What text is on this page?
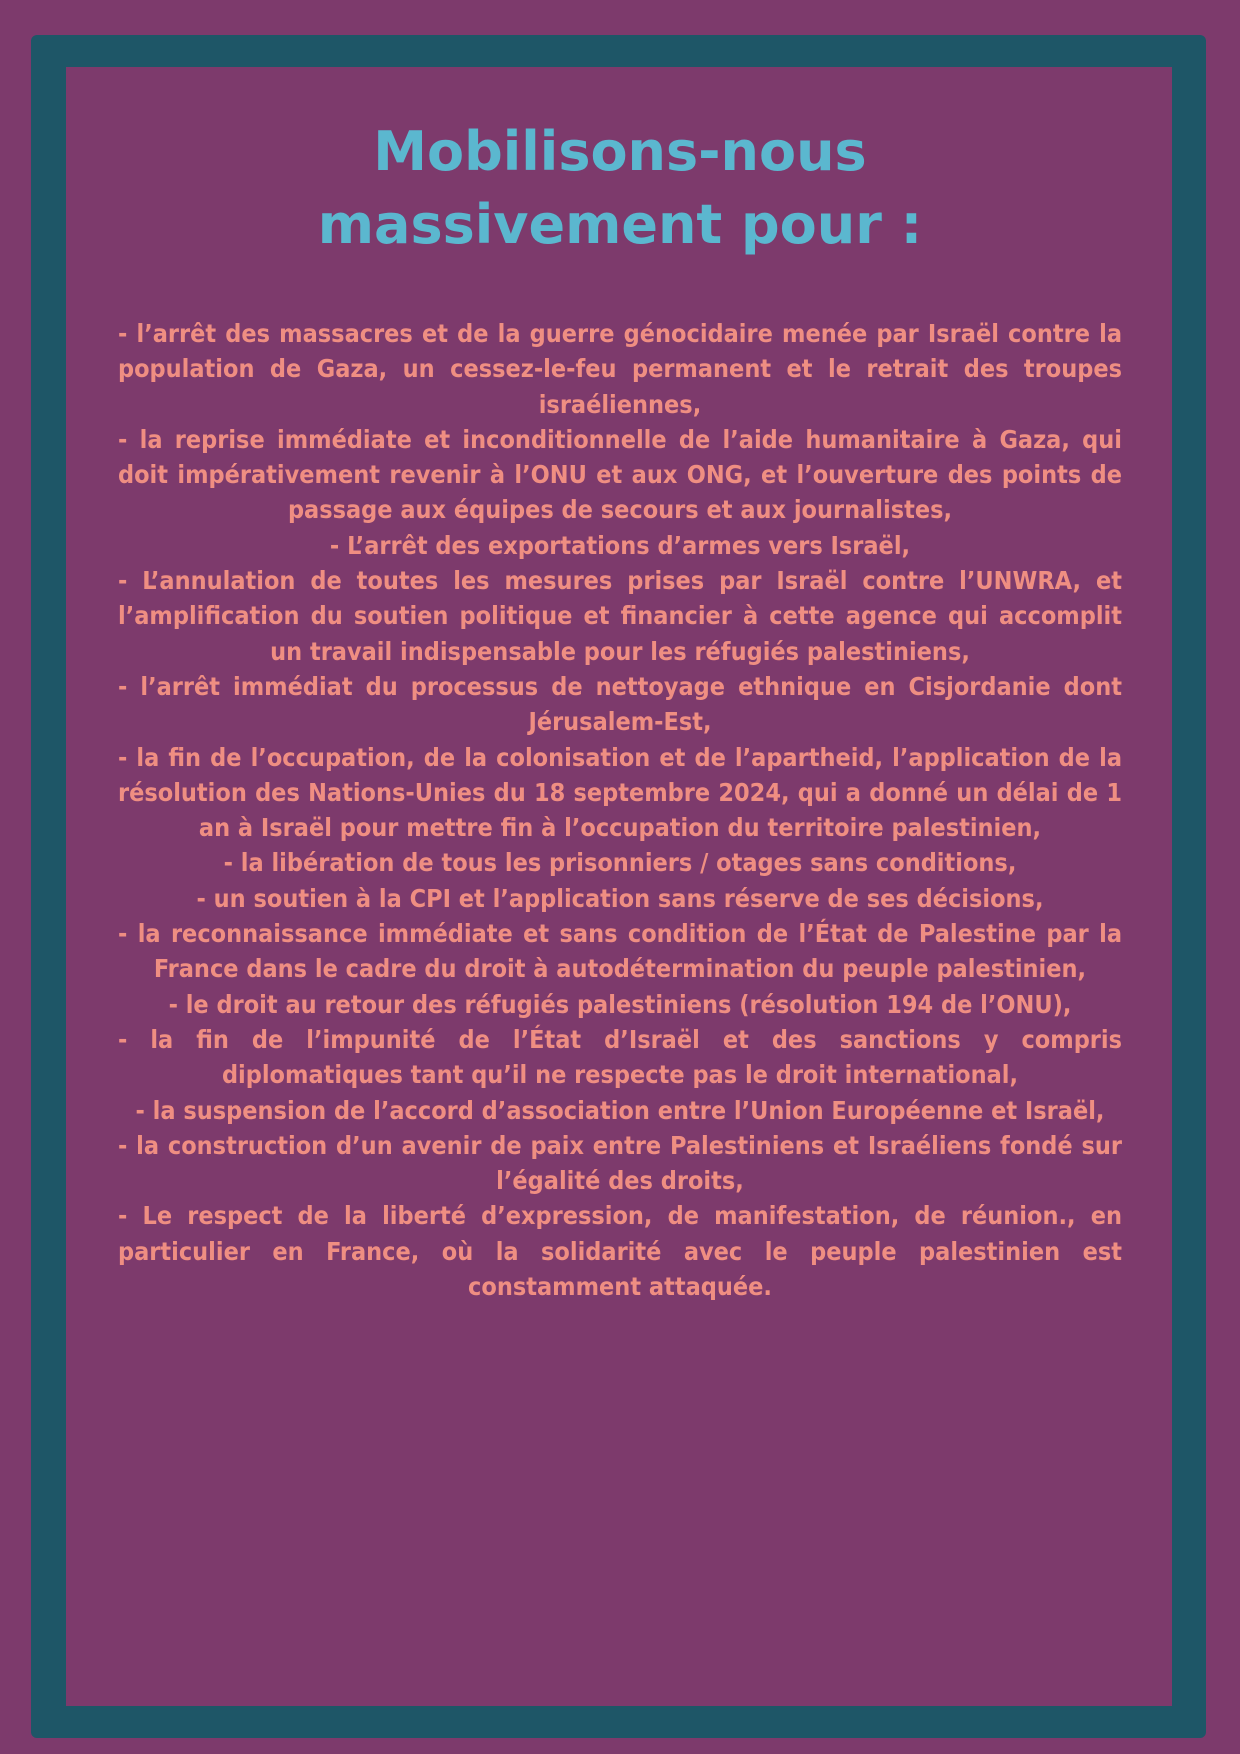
Mobilisons-nous
massivement pour :
- l’arrêt des massacres et de la guerre génocidaire menée par Israël contre la population de Gaza, un cessez-le-feu permanent et le retrait des troupes israéliennes,
- la reprise immédiate et inconditionnelle de l’aide humanitaire à Gaza, qui doit impérativement revenir à l’ONU et aux ONG, et l’ouverture des points de passage aux équipes de secours et aux journalistes,
- L’arrêt des exportations d’armes vers Israël,
- L’annulation de toutes les mesures prises par Israël contre l’UNWRA, et l’amplification du soutien politique et financier à cette agence qui accomplit un travail indispensable pour les réfugiés palestiniens,
- l’arrêt immédiat du processus de nettoyage ethnique en Cisjordanie dont Jérusalem-Est,
- la fin de l’occupation, de la colonisation et de l’apartheid, l’application de la résolution des Nations-Unies du 18 septembre 2024, qui a donné un délai de 1 an à Israël pour mettre fin à l’occupation du territoire palestinien,
- la libération de tous les prisonniers / otages sans conditions,
- un soutien à la CPI et l’application sans réserve de ses décisions,
- la reconnaissance immédiate et sans condition de l’État de Palestine par la France dans le cadre du droit à autodétermination du peuple palestinien,
- le droit au retour des réfugiés palestiniens (résolution 194 de l’ONU),
- la fin de l’impunité de l’État d’Israël et des sanctions y compris diplomatiques tant qu’il ne respecte pas le droit international,
- la suspension de l’accord d’association entre l’Union Européenne et Israël,
- la construction d’un avenir de paix entre Palestiniens et Israéliens fondé sur l’égalité des droits,
- Le respect de la liberté d’expression, de manifestation, de réunion., en particulier en France, où la solidarité avec le peuple palestinien est constamment attaquée.
